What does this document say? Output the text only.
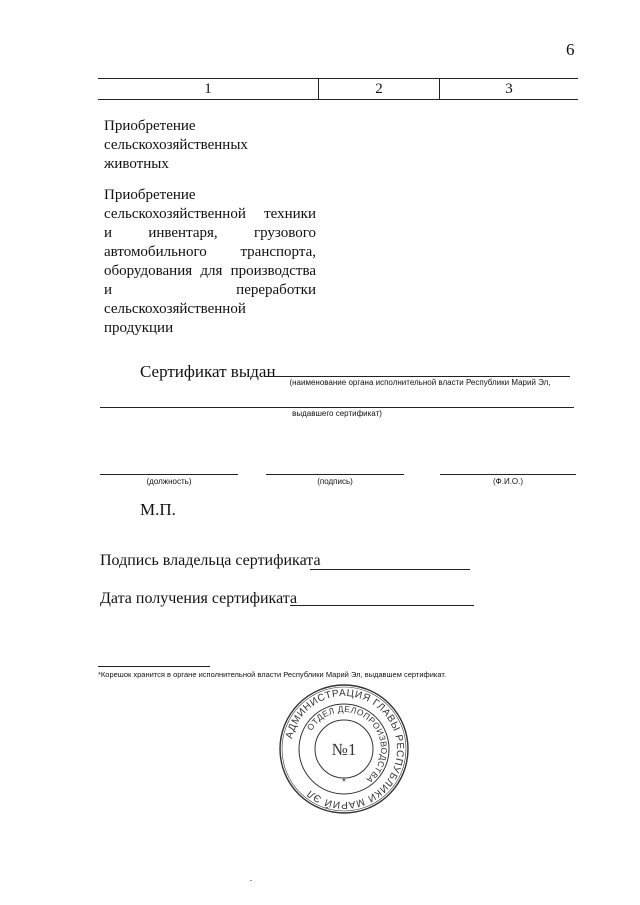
6
1	2	3
Приобретение
сельскохозяйственных
животных
Приобретение
сельскохозяйственной техники
и инвентаря, грузового
автомобильного транспорта,
оборудования для производства
и переработки
сельскохозяйственной
продукции
Сертификат выдан
(наименование органа исполнительной власти Республики Марий Эл,
выдавшего сертификат)
(должность)	(подпись)	(Ф.И.О.)
М.П.
Подпись владельца сертификата
Дата получения сертификата
*Корешок хранится в органе исполнительной власти Республики Марий Эл, выдавшем сертификат.
АДМИНИСТРАЦИЯ ГЛАВЫ РЕСПУБЛИКИ МАРИЙ ЭЛ
ОТДЕЛ ДЕЛОПРОИЗВОДСТВА
№1
*
